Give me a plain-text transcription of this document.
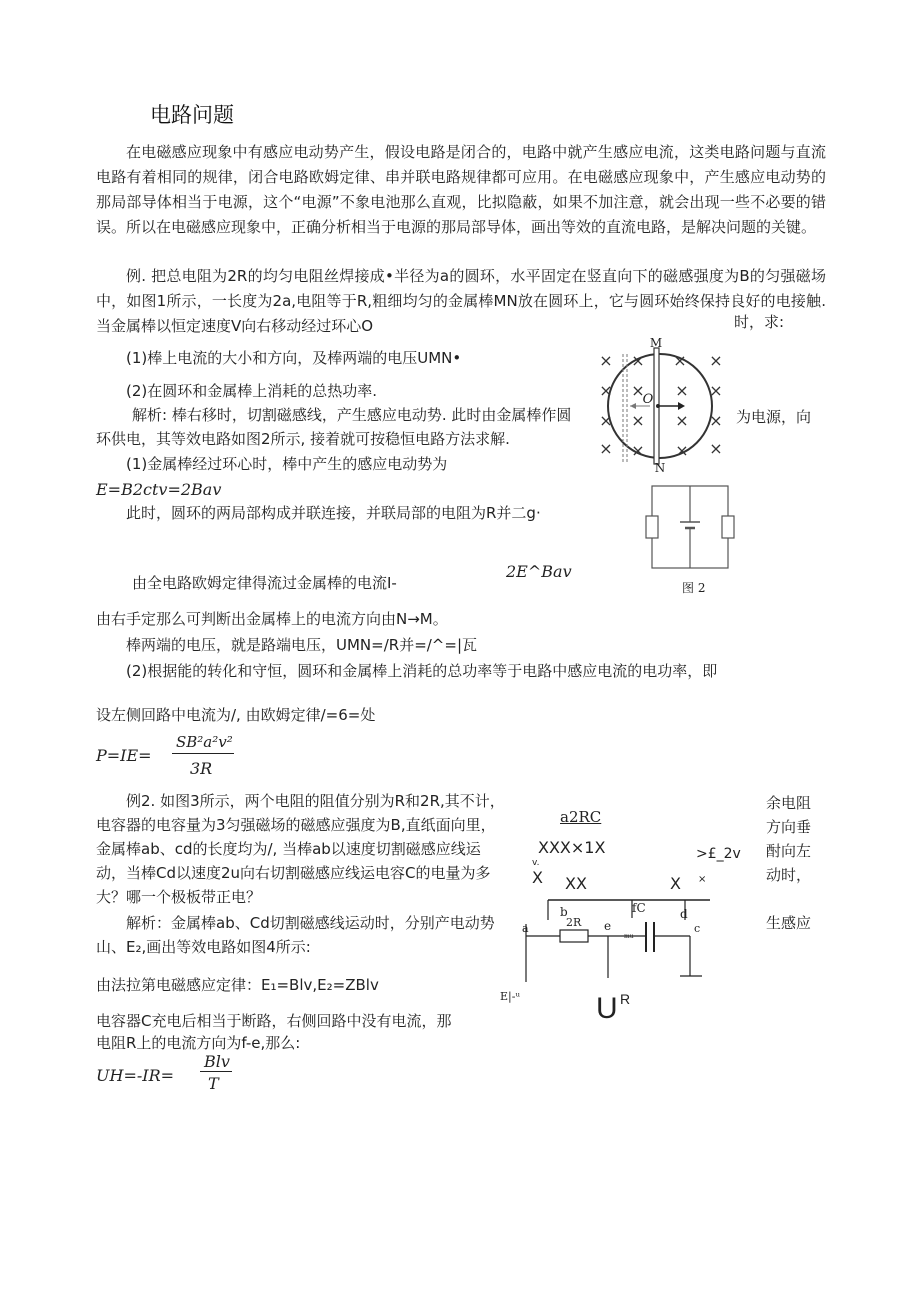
电路问题
在电磁感应现象中有感应电动势产生，假设电路是闭合的，电路中就产生感应电流，这类电路问题与直流电路有着相同的规律，闭合电路欧姆定律、串并联电路规律都可应用。在电磁感应现象中，产生感应电动势的那局部导体相当于电源，这个“电源”不象电池那么直观，比拟隐蔽，如果不加注意，就会出现一些不必要的错误。所以在电磁感应现象中，正确分析相当于电源的那局部导体，画出等效的直流电路，是解决问题的关键。
例. 把总电阻为2R的均匀电阻丝焊接成•半径为a的圆环，水平固定在竖直向下的磁感强度为B的匀强磁场中，如图1所示，一长度为2a,电阻等于R,粗细均匀的金属棒MN放在圆环上，它与圆环始终保持良好的电接触. 当金属棒以恒定速度V向右移动经过环心O	时，求:
(1)棒上电流的大小和方向，及棒两端的电压UMN•
(2)在圆环和金属棒上消耗的总热功率.
解析: 棒右移时，切割磁感线，产生感应电动势. 此时由金属棒作圆	为电源，向
环供电，其等效电路如图2所示, 接着就可按稳恒电路方法求解.
(1)金属棒经过环心时，棒中产生的感应电动势为
E=B2ctv=2Bav
此时，圆环的两局部构成并联连接，并联局部的电阻为R并二g·
2E^Bav
由全电路欧姆定律得流过金属棒的电流I-
由右手定那么可判断出金属棒上的电流方向由N→M。
棒两端的电压，就是路端电压，UMN=/R并=/^=|瓦
(2)根据能的转化和守恒，圆环和金属棒上消耗的总功率等于电路中感应电流的电功率，即
设左侧回路中电流为/, 由欧姆定律/=6=处
P=IE=
SB²a²v²
3R
例2. 如图3所示，两个电阻的阻值分别为R和2R,其不计，
电容器的电容量为3匀强磁场的磁感应强度为B,直纸面向里，
金属棒ab、cd的长度均为/, 当棒ab以速度切割磁感应线运
动，当棒Cd以速度2u向右切割磁感应线运电容C的电量为多
大？哪一个极板带正电？
余电阻
方向垂
酎向左
动时，
解析：金属棒ab、Cd切割磁感线运动时，分别产电动势
山、E₂,画出等效电路如图4所示:
生感应
由法拉第电磁感应定律：E₁=Blv,E₂=ZBlv
电容器C充电后相当于断路，右侧回路中没有电流，那
电阻R上的电流方向为f-e,那么:
UH=-IR=
Blv
T
M
N
O
× × × ×
× × × ×
× × × ×
× × × ×
图 2
a2RC
XXX×1X
v.
X XX	X ×
>£_2v
b
2R
fC	d
a	e
mu
c
E|-ᵘ	U R
